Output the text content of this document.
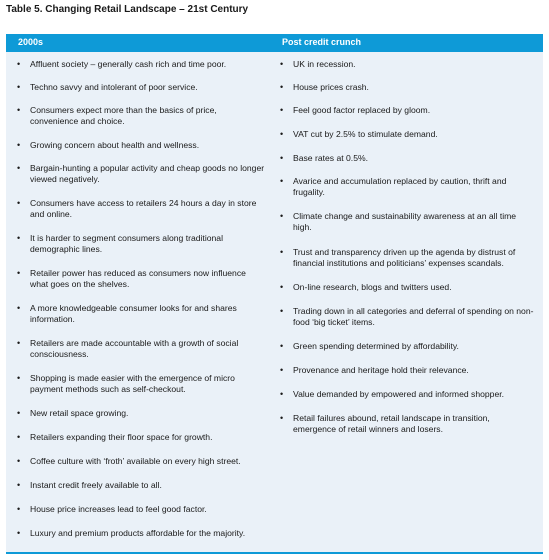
Table 5. Changing Retail Landscape – 21st Century
2000s	Post credit crunch
• Affluent society – generally cash rich and time poor.
• Techno savvy and intolerant of poor service.
• Consumers expect more than the basics of price, convenience and choice.
• Growing concern about health and wellness.
• Bargain-hunting a popular activity and cheap goods no longer viewed negatively.
• Consumers have access to retailers 24 hours a day in store and online.
• It is harder to segment consumers along traditional demographic lines.
• Retailer power has reduced as consumers now influence what goes on the shelves.
• A more knowledgeable consumer looks for and shares information.
• Retailers are made accountable with a growth of social consciousness.
• Shopping is made easier with the emergence of micro payment methods such as self-checkout.
• New retail space growing.
• Retailers expanding their floor space for growth.
• Coffee culture with ‘froth’ available on every high street.
• Instant credit freely available to all.
• House price increases lead to feel good factor.
• Luxury and premium products affordable for the majority.
• UK in recession.
• House prices crash.
• Feel good factor replaced by gloom.
• VAT cut by 2.5% to stimulate demand.
• Base rates at 0.5%.
• Avarice and accumulation replaced by caution, thrift and frugality.
• Climate change and sustainability awareness at an all time high.
• Trust and transparency driven up the agenda by distrust of financial institutions and politicians’ expenses scandals.
• On-line research, blogs and twitters used.
• Trading down in all categories and deferral of spending on non-food ‘big ticket’ items.
• Green spending determined by affordability.
• Provenance and heritage hold their relevance.
• Value demanded by empowered and informed shopper.
• Retail failures abound, retail landscape in transition, emergence of retail winners and losers.
